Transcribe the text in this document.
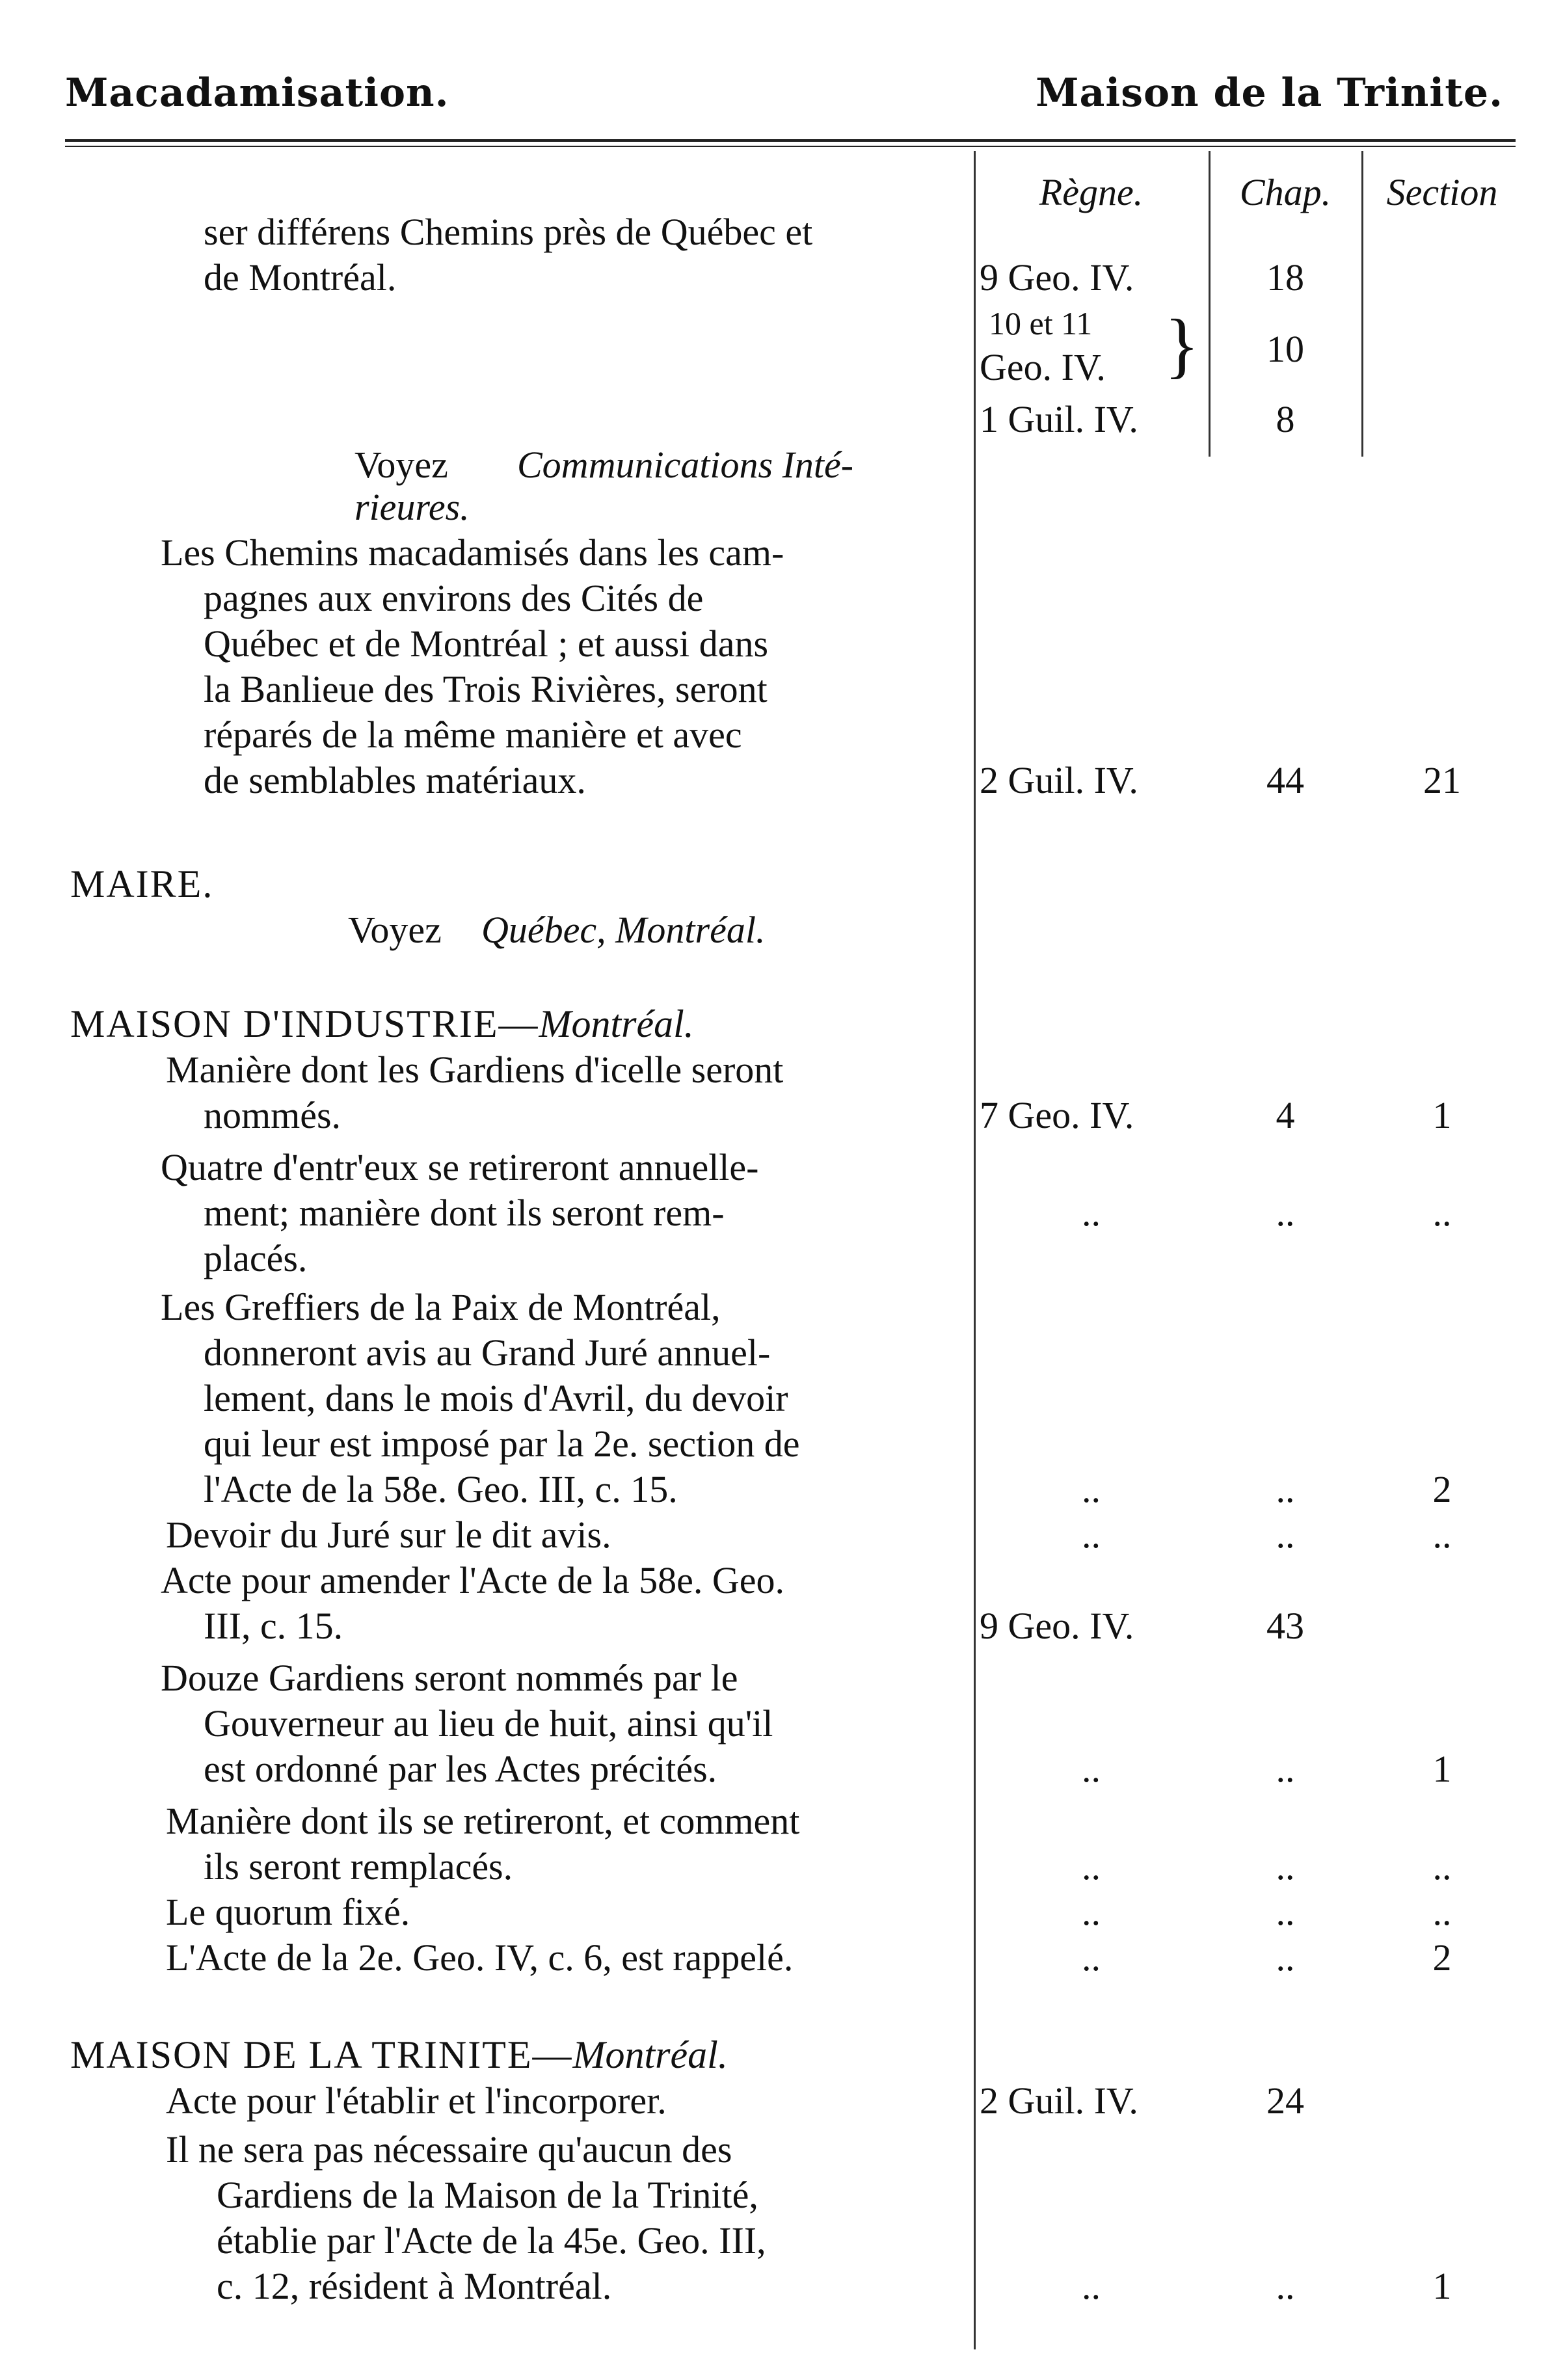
Macadamisation.	Maison de la Trinite.
Règne.	Chap.	Section
ser différens Chemins près de Québec et
de Montréal.	9 Geo. IV.	18
10 et 11
Geo. IV. }	10
1 Guil. IV.	8
Voyez Communications Inté-
rieures.
Les Chemins macadamisés dans les cam-
pagnes aux environs des Cités de
Québec et de Montréal ; et aussi dans
la Banlieue des Trois Rivières, seront
réparés de la même manière et avec
de semblables matériaux.	2 Guil. IV.	44	21
MAIRE.
Voyez Québec, Montréal.
MAISON D'INDUSTRIE—Montréal.
Manière dont les Gardiens d'icelle seront
nommés.	7 Geo. IV.	4	1
Quatre d'entr'eux se retireront annuelle-
ment; manière dont ils seront rem-
placés.
..	..	..
Les Greffiers de la Paix de Montréal,
donneront avis au Grand Juré annuel-
lement, dans le mois d'Avril, du devoir
qui leur est imposé par la 2e. section de
l'Acte de la 58e. Geo. III, c. 15.	..	..	2
Devoir du Juré sur le dit avis.	..	..	..
Acte pour amender l'Acte de la 58e. Geo.
III, c. 15.	9 Geo. IV.	43
Douze Gardiens seront nommés par le
Gouverneur au lieu de huit, ainsi qu'il
est ordonné par les Actes précités.	..	..	1
Manière dont ils se retireront, et comment
ils seront remplacés.	..	..	..
Le quorum fixé.	..	..	..
L'Acte de la 2e. Geo. IV, c. 6, est rappelé.	..	..	2
MAISON DE LA TRINITE—Montréal.
Acte pour l'établir et l'incorporer.	2 Guil. IV.	24
Il ne sera pas nécessaire qu'aucun des
Gardiens de la Maison de la Trinité,
établie par l'Acte de la 45e. Geo. III,
c. 12, résident à Montréal.	..	..	1
